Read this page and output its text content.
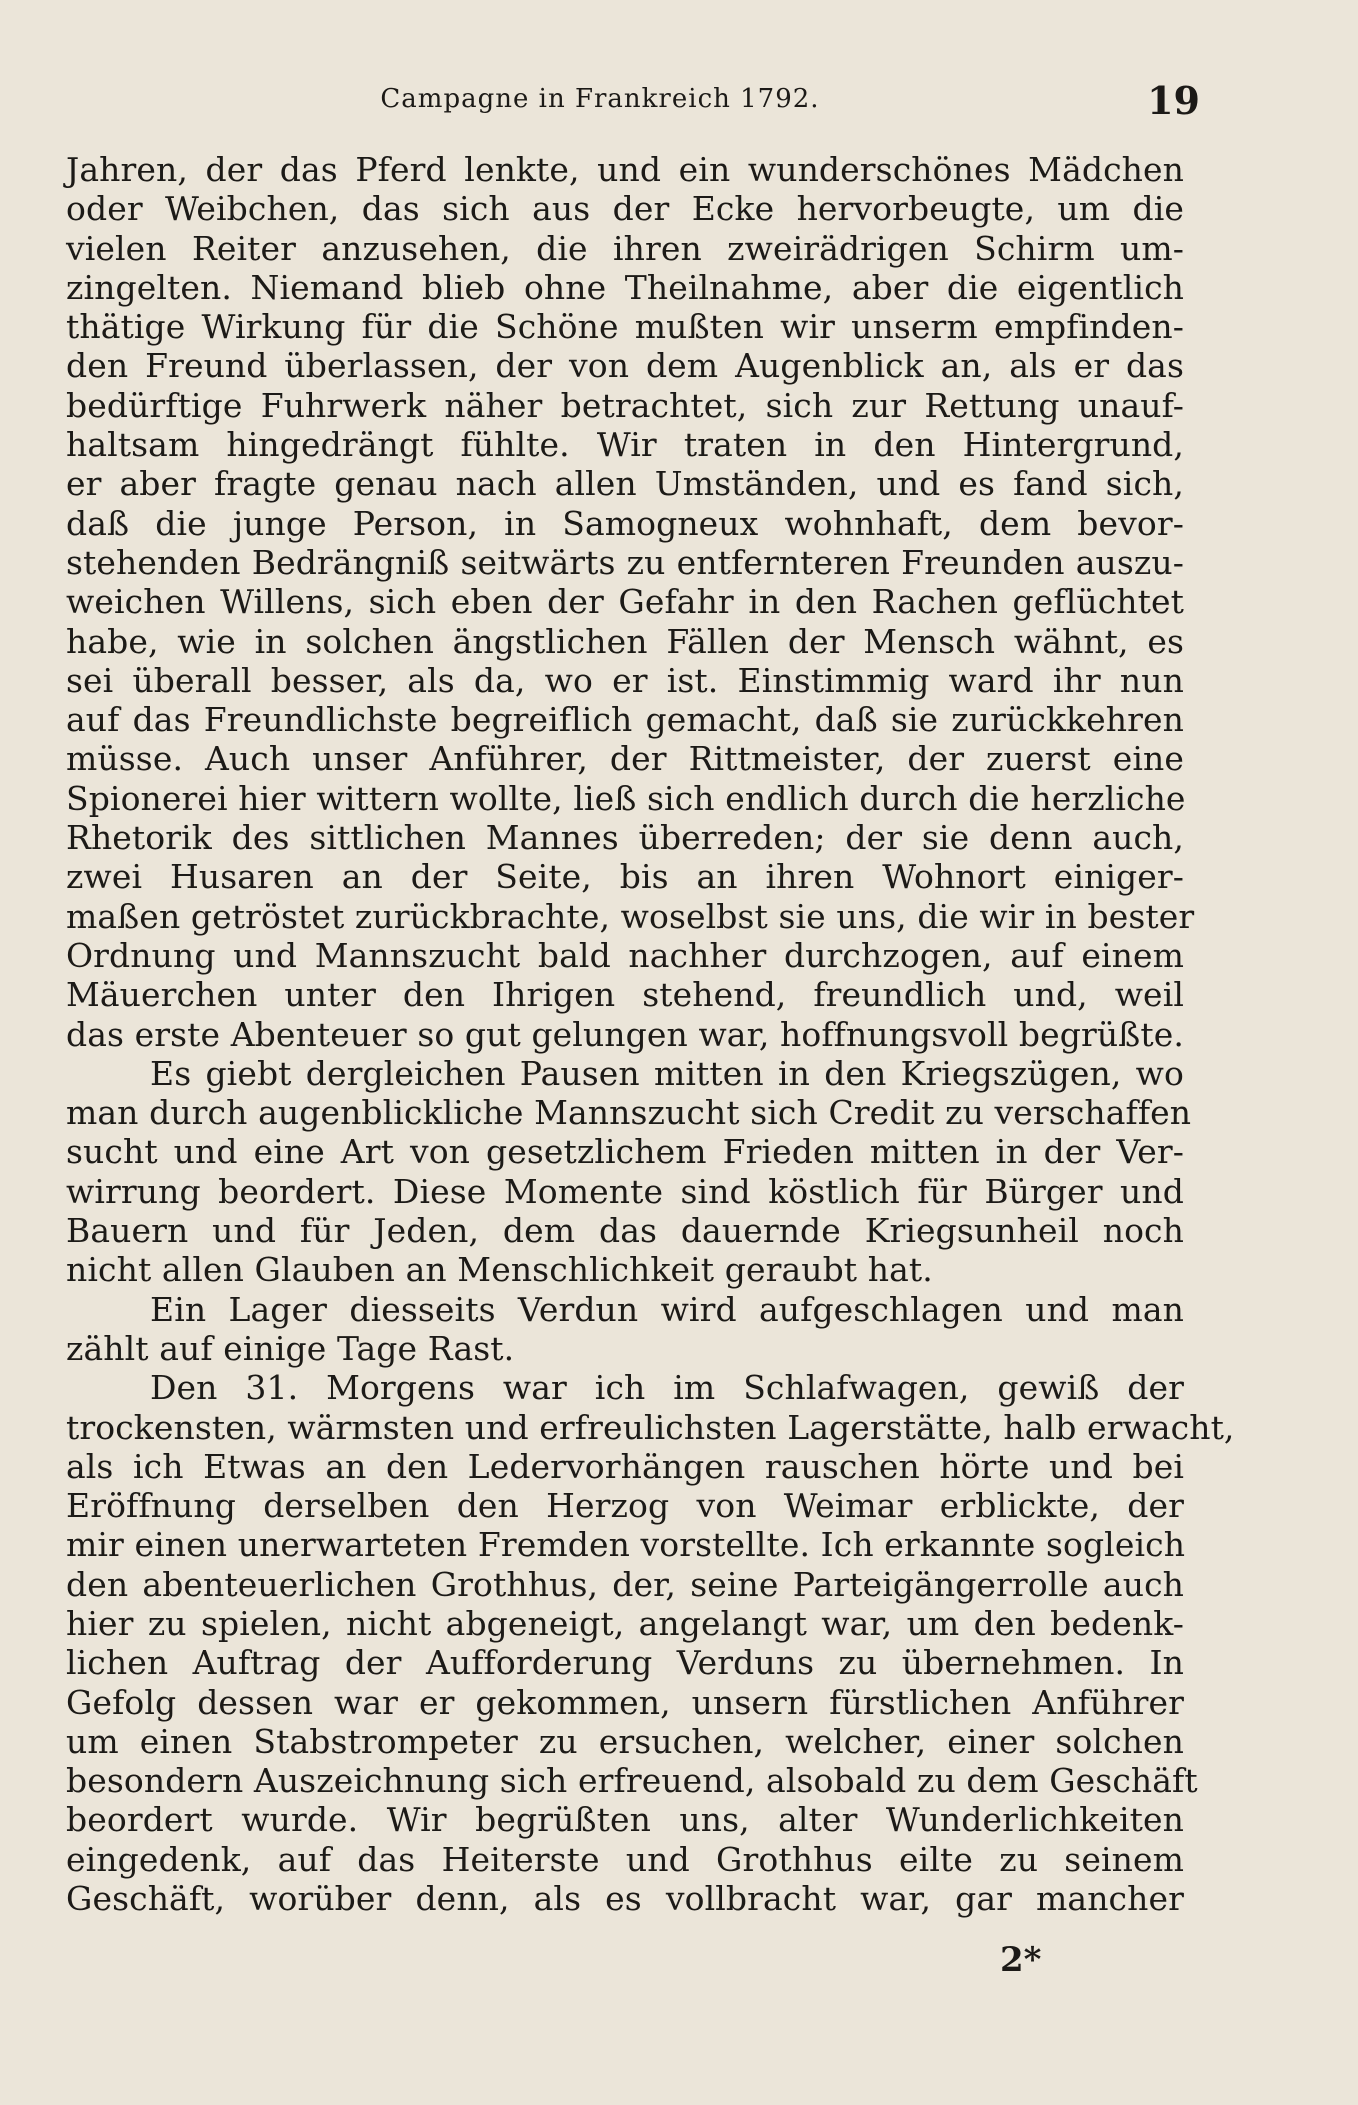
Campagne in Frankreich 1792.	19
Jahren, der das Pferd lenkte, und ein wunderschönes Mädchen
oder Weibchen, das sich aus der Ecke hervorbeugte, um die
vielen Reiter anzusehen, die ihren zweirädrigen Schirm um-
zingelten. Niemand blieb ohne Theilnahme, aber die eigentlich
thätige Wirkung für die Schöne mußten wir unserm empfinden-
den Freund überlassen, der von dem Augenblick an, als er das
bedürftige Fuhrwerk näher betrachtet, sich zur Rettung unauf-
haltsam hingedrängt fühlte. Wir traten in den Hintergrund,
er aber fragte genau nach allen Umständen, und es fand sich,
daß die junge Person, in Samogneux wohnhaft, dem bevor-
stehenden Bedrängniß seitwärts zu entfernteren Freunden auszu-
weichen Willens, sich eben der Gefahr in den Rachen geflüchtet
habe, wie in solchen ängstlichen Fällen der Mensch wähnt, es
sei überall besser, als da, wo er ist. Einstimmig ward ihr nun
auf das Freundlichste begreiflich gemacht, daß sie zurückkehren
müsse. Auch unser Anführer, der Rittmeister, der zuerst eine
Spionerei hier wittern wollte, ließ sich endlich durch die herzliche
Rhetorik des sittlichen Mannes überreden; der sie denn auch,
zwei Husaren an der Seite, bis an ihren Wohnort einiger-
maßen getröstet zurückbrachte, woselbst sie uns, die wir in bester
Ordnung und Mannszucht bald nachher durchzogen, auf einem
Mäuerchen unter den Ihrigen stehend, freundlich und, weil
das erste Abenteuer so gut gelungen war, hoffnungsvoll begrüßte.
Es giebt dergleichen Pausen mitten in den Kriegszügen, wo
man durch augenblickliche Mannszucht sich Credit zu verschaffen
sucht und eine Art von gesetzlichem Frieden mitten in der Ver-
wirrung beordert. Diese Momente sind köstlich für Bürger und
Bauern und für Jeden, dem das dauernde Kriegsunheil noch
nicht allen Glauben an Menschlichkeit geraubt hat.
Ein Lager diesseits Verdun wird aufgeschlagen und man
zählt auf einige Tage Rast.
Den 31. Morgens war ich im Schlafwagen, gewiß der
trockensten, wärmsten und erfreulichsten Lagerstätte, halb erwacht,
als ich Etwas an den Ledervorhängen rauschen hörte und bei
Eröffnung derselben den Herzog von Weimar erblickte, der
mir einen unerwarteten Fremden vorstellte. Ich erkannte sogleich
den abenteuerlichen Grothhus, der, seine Parteigängerrolle auch
hier zu spielen, nicht abgeneigt, angelangt war, um den bedenk-
lichen Auftrag der Aufforderung Verduns zu übernehmen. In
Gefolg dessen war er gekommen, unsern fürstlichen Anführer
um einen Stabstrompeter zu ersuchen, welcher, einer solchen
besondern Auszeichnung sich erfreuend, alsobald zu dem Geschäft
beordert wurde. Wir begrüßten uns, alter Wunderlichkeiten
eingedenk, auf das Heiterste und Grothhus eilte zu seinem
Geschäft, worüber denn, als es vollbracht war, gar mancher
2*
